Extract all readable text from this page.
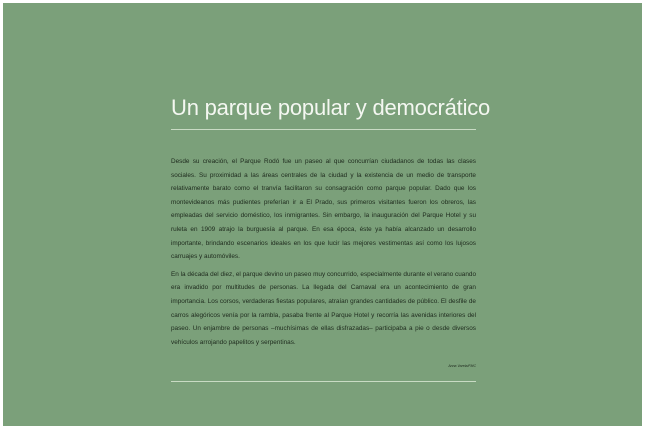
Un parque popular y democrático

Desde su creación, el Parque Rodó fue un paseo al que concurrían ciudadanos de todas las clases sociales. Su proximidad a las áreas centrales de la ciudad y la existencia de un medio de transporte relativamente barato como el tranvía facilitaron su consagración como parque popular. Dado que los montevideanos más pudientes preferían ir a El Prado, sus primeros visitantes fueron los obreros, las empleadas del servicio doméstico, los inmigrantes. Sin embargo, la inauguración del Parque Hotel y su ruleta en 1909 atrajo la burguesía al parque. En esa época, éste ya había alcanzado un desarrollo importante, brindando escenarios ideales en los que lucir las mejores vestimentas así como los lujosos carruajes y automóviles.

En la década del diez, el parque devino un paseo muy concurrido, especialmente durante el verano cuando era invadido por multitudes de personas. La llegada del Carnaval era un acontecimiento de gran importancia. Los corsos, verdaderas fiestas populares, atraían grandes cantidades de público. El desfile de carros alegóricos venía por la rambla, pasaba frente al Parque Hotel y recorría las avenidas interiores del paseo. Un enjambre de personas –muchísimas de ellas disfrazadas– participaba a pie o desde diversos vehículos arrojando papelitos y serpentinas.

Anna Varela/FMC
